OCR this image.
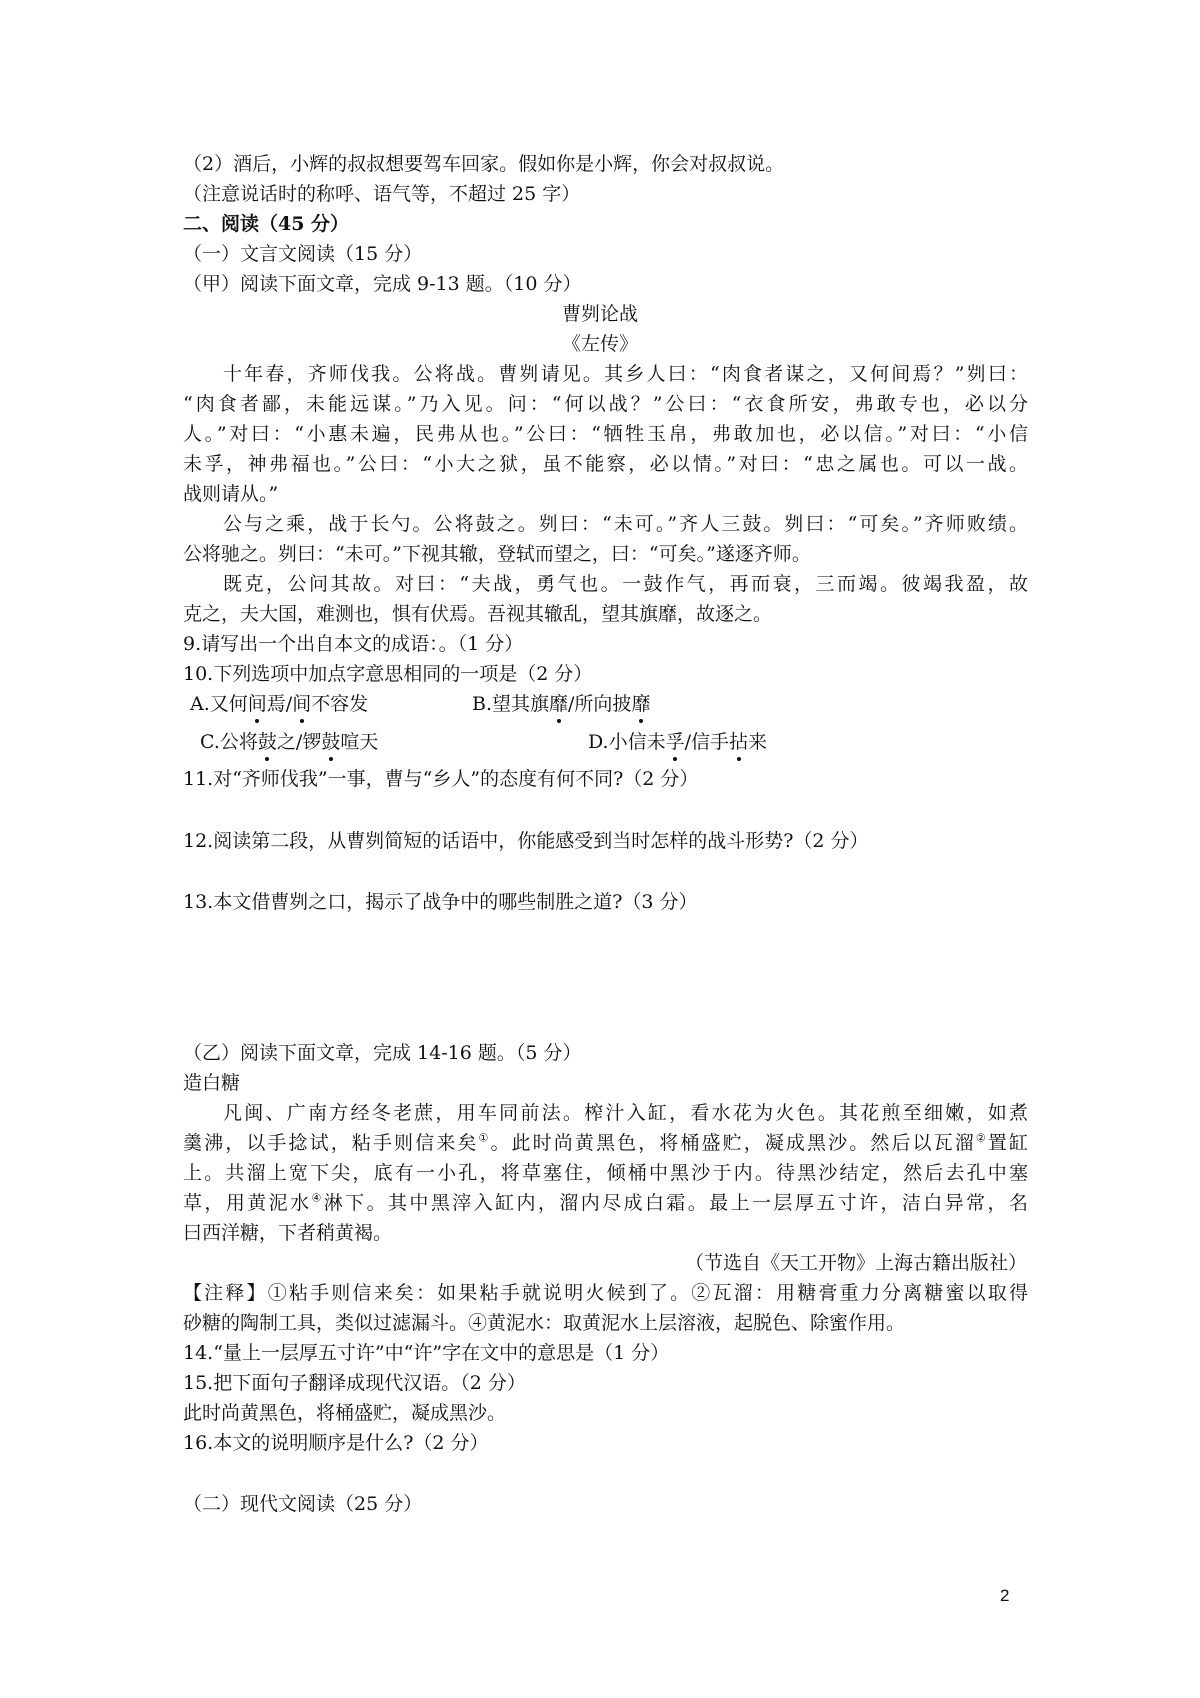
（2）酒后，小辉的叔叔想要驾车回家。假如你是小辉，你会对叔叔说。
（注意说话时的称呼、语气等，不超过 25 字）
二、阅读（45 分）
（一）文言文阅读（15 分）
（甲）阅读下面文章，完成 9-13 题。（10 分）
曹刿论战
《左传》
十年春，齐师伐我。公将战。曹刿请见。其乡人曰：“肉食者谋之，又何间焉？”刿曰：
“肉食者鄙，未能远谋。”乃入见。问：“何以战？”公曰：“衣食所安，弗敢专也，必以分
人。”对曰：“小惠未遍，民弗从也。”公曰：“牺牲玉帛，弗敢加也，必以信。”对曰：“小信
未孚，神弗福也。”公曰：“小大之狱，虽不能察，必以情。”对曰：“忠之属也。可以一战。
战则请从。”
公与之乘，战于长勺。公将鼓之。刿曰：“未可。”齐人三鼓。刿曰：“可矣。”齐师败绩。
公将驰之。刿曰：“未可。”下视其辙，登轼而望之，曰：“可矣。”遂逐齐师。
既克，公问其故。对曰：“夫战，勇气也。一鼓作气，再而衰，三而竭。彼竭我盈，故
克之，夫大国，难测也，惧有伏焉。吾视其辙乱，望其旗靡，故逐之。
9.请写出一个出自本文的成语：。（1 分）
10.下列选项中加点字意思相同的一项是（2 分）
A.又何间焉/间不容发	B.望其旗靡/所向披靡
C.公将鼓之/锣鼓喧天	D.小信未孚/信手拈来
11.对“齐师伐我”一事，曹与“乡人”的态度有何不同?（2 分）
12.阅读第二段，从曹刿简短的话语中，你能感受到当时怎样的战斗形势?（2 分）
13.本文借曹刿之口，揭示了战争中的哪些制胜之道?（3 分）
（乙）阅读下面文章，完成 14-16 题。（5 分）
造白糖
凡闽、广南方经冬老蔗，用车同前法。榨汁入缸，看水花为火色。其花煎至细嫩，如煮
羹沸，以手捻试，粘手则信来矣①。此时尚黄黑色，将桶盛贮，凝成黑沙。然后以瓦溜②置缸
上。共溜上宽下尖，底有一小孔，将草塞住，倾桶中黑沙于内。待黑沙结定，然后去孔中塞
草，用黄泥水④淋下。其中黑滓入缸内，溜内尽成白霜。最上一层厚五寸许，洁白异常，名
曰西洋糖，下者稍黄褐。
（节选自《天工开物》上海古籍出版社）
【注释】①粘手则信来矣：如果粘手就说明火候到了。②瓦溜：用糖膏重力分离糖蜜以取得
砂糖的陶制工具，类似过滤漏斗。④黄泥水：取黄泥水上层溶液，起脱色、除蜜作用。
14.“量上一层厚五寸许”中“许”字在文中的意思是（1 分）
15.把下面句子翻译成现代汉语。（2 分）
此时尚黄黑色，将桶盛贮，凝成黑沙。
16.本文的说明顺序是什么?（2 分）
（二）现代文阅读（25 分）
2
